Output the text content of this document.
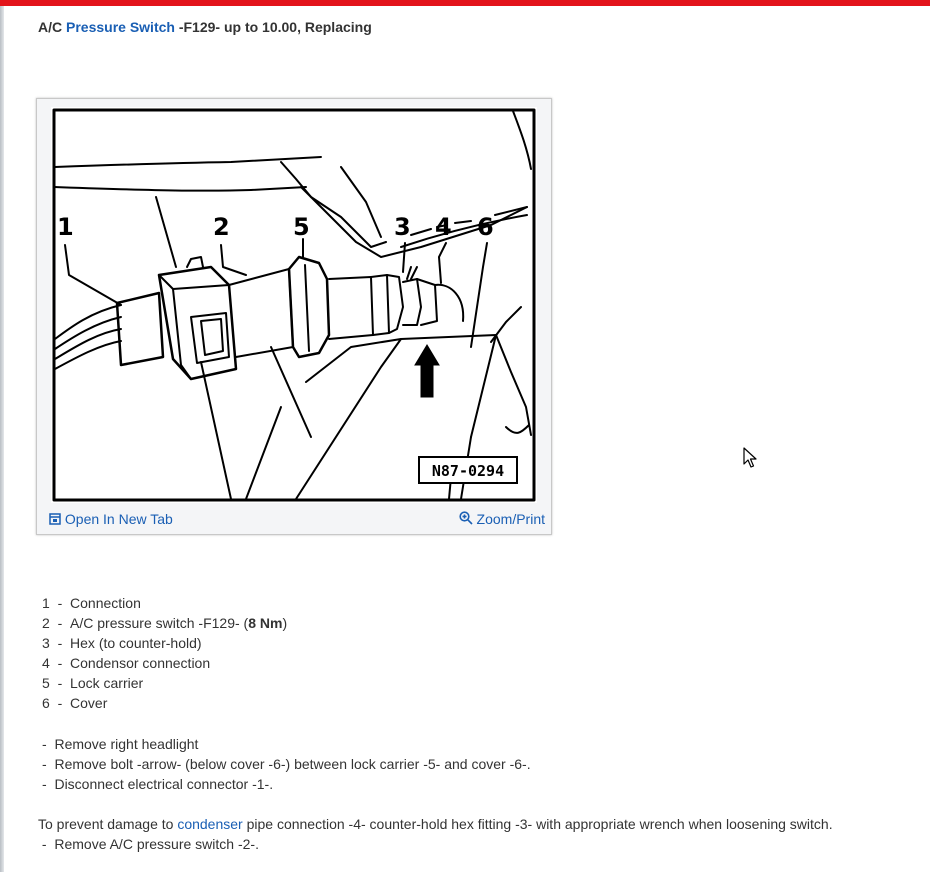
A/C Pressure Switch -F129- up to 10.00, Replacing
1	2	5	3 4 6
N87-0294
Open In New Tab	Zoom/Print
1  -  Connection
2  -  A/C pressure switch -F129- (8 Nm)
3  -  Hex (to counter-hold)
4  -  Condensor connection
5  -  Lock carrier
6  -  Cover
-  Remove right headlight
-  Remove bolt -arrow- (below cover -6-) between lock carrier -5- and cover -6-.
-  Disconnect electrical connector -1-.
To prevent damage to condenser pipe connection -4- counter-hold hex fitting -3- with appropriate wrench when loosening switch.
-  Remove A/C pressure switch -2-.
